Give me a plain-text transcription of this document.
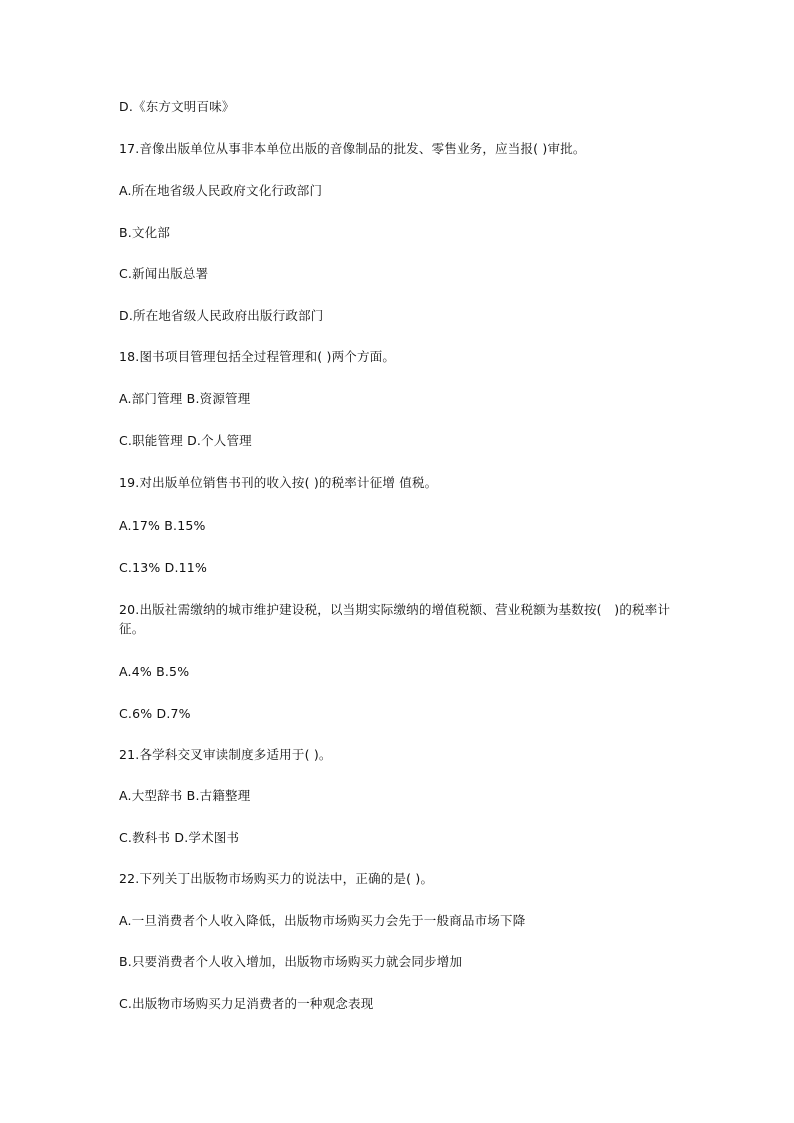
D.《东方文明百味》
17.音像出版单位从事非本单位出版的音像制品的批发、零售业务，应当报( )审批。
A.所在地省级人民政府文化行政部门
B.文化部
C.新闻出版总署
D.所在地省级人民政府出版行政部门
18.图书项目管理包括全过程管理和( )两个方面。
A.部门管理 B.资源管理
C.职能管理 D.个人管理
19.对出版单位销售书刊的收入按( )的税率计征增 值税。
A.17% B.15%
C.13% D.11%
20.出版社需缴纳的城市维护建设税，以当期实际缴纳的增值税额、营业税额为基数按(   )的税率计征。
A.4% B.5%
C.6% D.7%
21.各学科交叉审读制度多适用于( )。
A.大型辞书 B.古籍整理
C.教科书 D.学术图书
22.下列关丁出版物市场购买力的说法中，正确的是( )。
A.一旦消费者个人收入降低，出版物市场购买力会先于一般商品市场下降
B.只要消费者个人收入增加，出版物市场购买力就会同步增加
C.出版物市场购买力足消费者的一种观念表现
